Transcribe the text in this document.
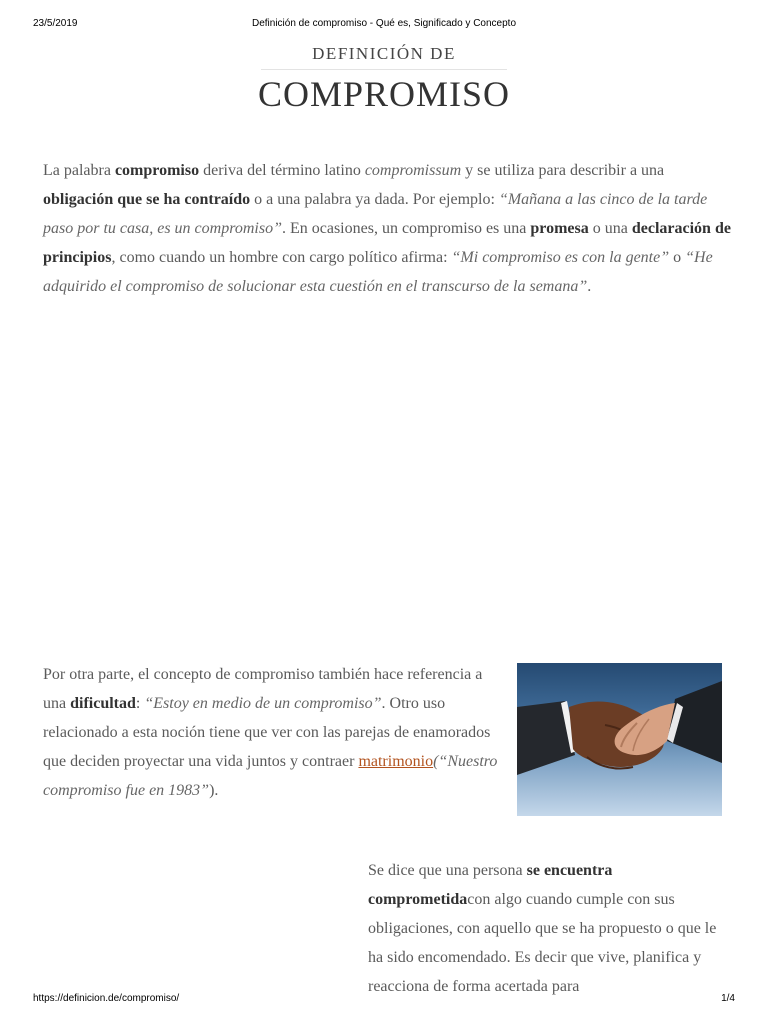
23/5/2019	Definición de compromiso - Qué es, Significado y Concepto
DEFINICIÓN DE
COMPROMISO

La palabra compromiso deriva del término latino compromissum y se utiliza para describir a una obligación que se ha contraído o a una palabra ya dada. Por ejemplo: “Mañana a las cinco de la tarde paso por tu casa, es un compromiso”. En ocasiones, un compromiso es una promesa o una declaración de principios, como cuando un hombre con cargo político afirma: “Mi compromiso es con la gente” o “He adquirido el compromiso de solucionar esta cuestión en el transcurso de la semana”.

Por otra parte, el concepto de compromiso también hace referencia a una dificultad: “Estoy en medio de un compromiso”. Otro uso relacionado a esta noción tiene que ver con las parejas de enamorados que deciden proyectar una vida juntos y contraer matrimonio(“Nuestro compromiso fue en 1983”).

Se dice que una persona se encuentra comprometidacon algo cuando cumple con sus obligaciones, con aquello que se ha propuesto o que le ha sido encomendado. Es decir que vive, planifica y reacciona de forma acertada para

https://definicion.de/compromiso/	1/4
